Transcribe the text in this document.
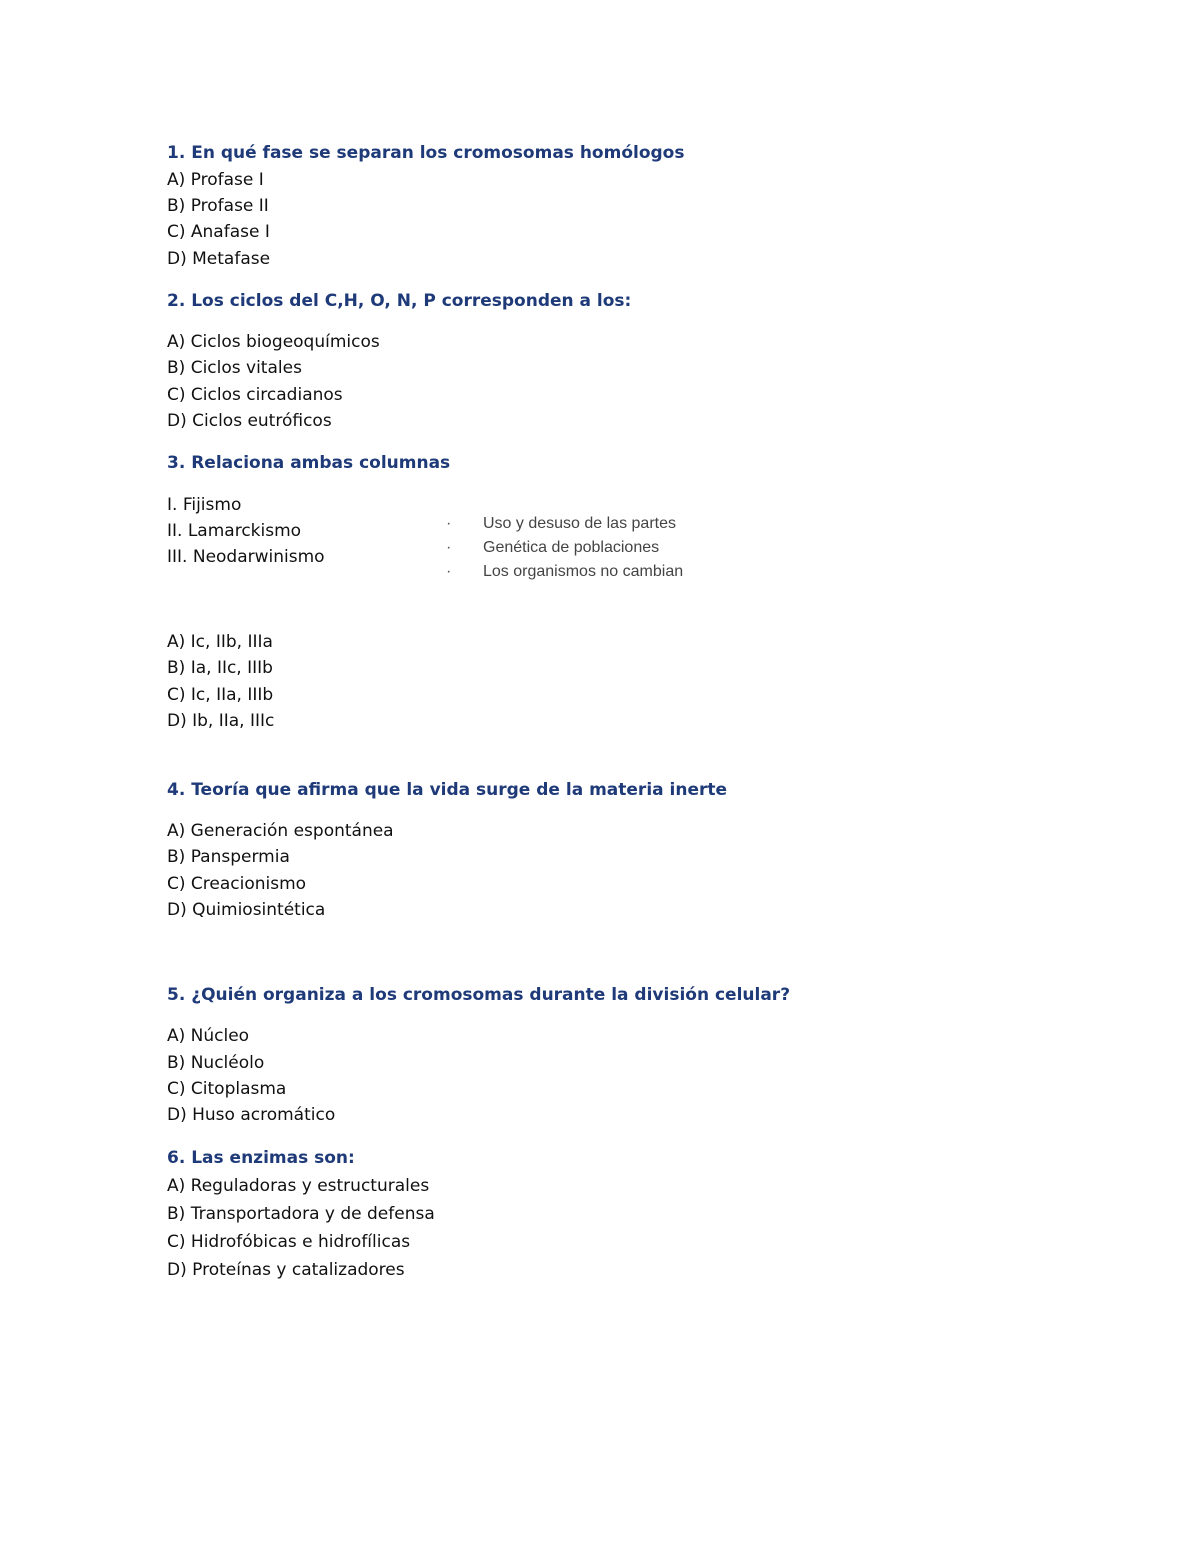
1. En qué fase se separan los cromosomas homólogos
A) Profase I
B) Profase II
C) Anafase I
D) Metafase
2. Los ciclos del C,H, O, N, P corresponden a los:
A) Ciclos biogeoquímicos
B) Ciclos vitales
C) Ciclos circadianos
D) Ciclos eutróficos
3. Relaciona ambas columnas
I. Fijismo
II. Lamarckismo
III. Neodarwinismo
· Uso y desuso de las partes
· Genética de poblaciones
· Los organismos no cambian
A) Ic, IIb, IIIa
B) Ia, IIc, IIIb
C) Ic, IIa, IIIb
D) Ib, IIa, IIIc
4. Teoría que afirma que la vida surge de la materia inerte
A) Generación espontánea
B) Panspermia
C) Creacionismo
D) Quimiosintética
5. ¿Quién organiza a los cromosomas durante la división celular?
A) Núcleo
B) Nucléolo
C) Citoplasma
D) Huso acromático
6. Las enzimas son:
A) Reguladoras y estructurales
B) Transportadora y de defensa
C) Hidrofóbicas e hidrofílicas
D) Proteínas y catalizadores
